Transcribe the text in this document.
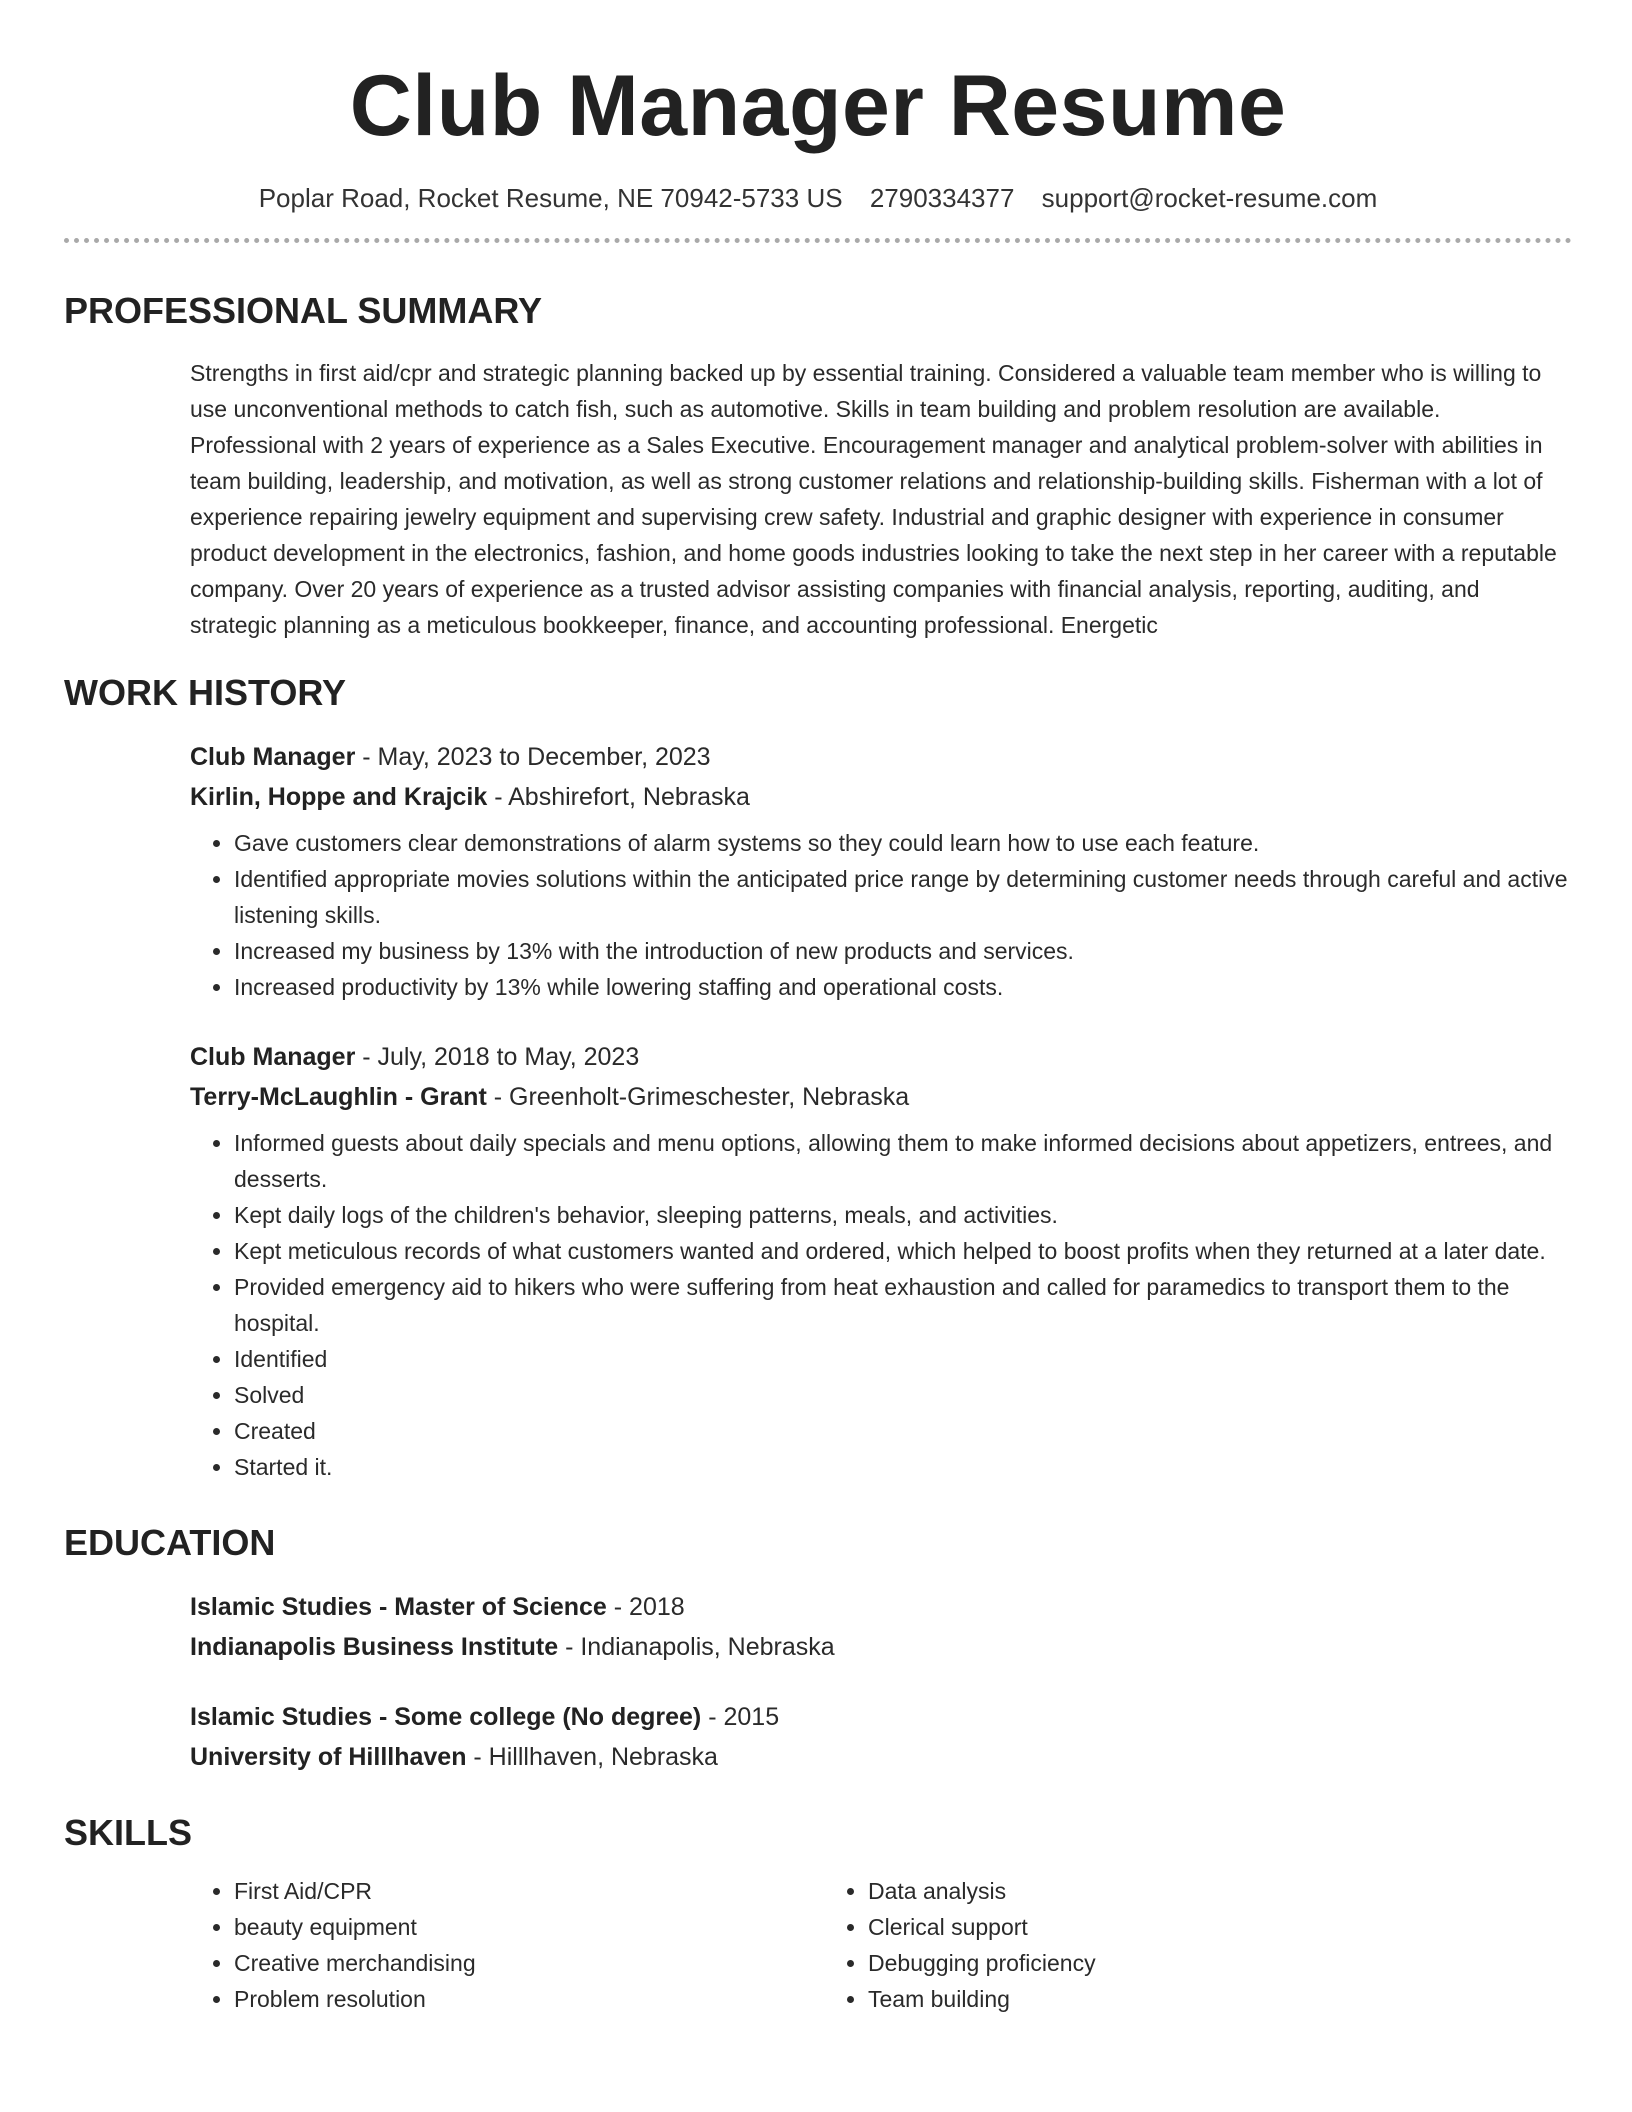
Club Manager Resume
Poplar Road, Rocket Resume, NE 70942-5733 US 2790334377 support@rocket-resume.com
PROFESSIONAL SUMMARY

Strengths in first aid/cpr and strategic planning backed up by essential training. Considered a valuable team member who is willing to use unconventional methods to catch fish, such as automotive. Skills in team building and problem resolution are available. Professional with 2 years of experience as a Sales Executive. Encouragement manager and analytical problem-solver with abilities in team building, leadership, and motivation, as well as strong customer relations and relationship-building skills. Fisherman with a lot of experience repairing jewelry equipment and supervising crew safety. Industrial and graphic designer with experience in consumer product development in the electronics, fashion, and home goods industries looking to take the next step in her career with a reputable company. Over 20 years of experience as a trusted advisor assisting companies with financial analysis, reporting, auditing, and strategic planning as a meticulous bookkeeper, finance, and accounting professional. Energetic

WORK HISTORY
Club Manager - May, 2023 to December, 2023
Kirlin, Hoppe and Krajcik - Abshirefort, Nebraska
• Gave customers clear demonstrations of alarm systems so they could learn how to use each feature.
• Identified appropriate movies solutions within the anticipated price range by determining customer needs through careful and active listening skills.
• Increased my business by 13% with the introduction of new products and services.
• Increased productivity by 13% while lowering staffing and operational costs.
Club Manager - July, 2018 to May, 2023
Terry-McLaughlin - Grant - Greenholt-Grimeschester, Nebraska
• Informed guests about daily specials and menu options, allowing them to make informed decisions about appetizers, entrees, and desserts.
• Kept daily logs of the children's behavior, sleeping patterns, meals, and activities.
• Kept meticulous records of what customers wanted and ordered, which helped to boost profits when they returned at a later date.
• Provided emergency aid to hikers who were suffering from heat exhaustion and called for paramedics to transport them to the hospital.
• Identified
• Solved
• Created
• Started it.
EDUCATION
Islamic Studies - Master of Science - 2018
Indianapolis Business Institute - Indianapolis, Nebraska
Islamic Studies - Some college (No degree) - 2015
University of Hilllhaven - Hilllhaven, Nebraska
SKILLS
• First Aid/CPR
• beauty equipment
• Creative merchandising
• Problem resolution
• Data analysis
• Clerical support
• Debugging proficiency
• Team building
